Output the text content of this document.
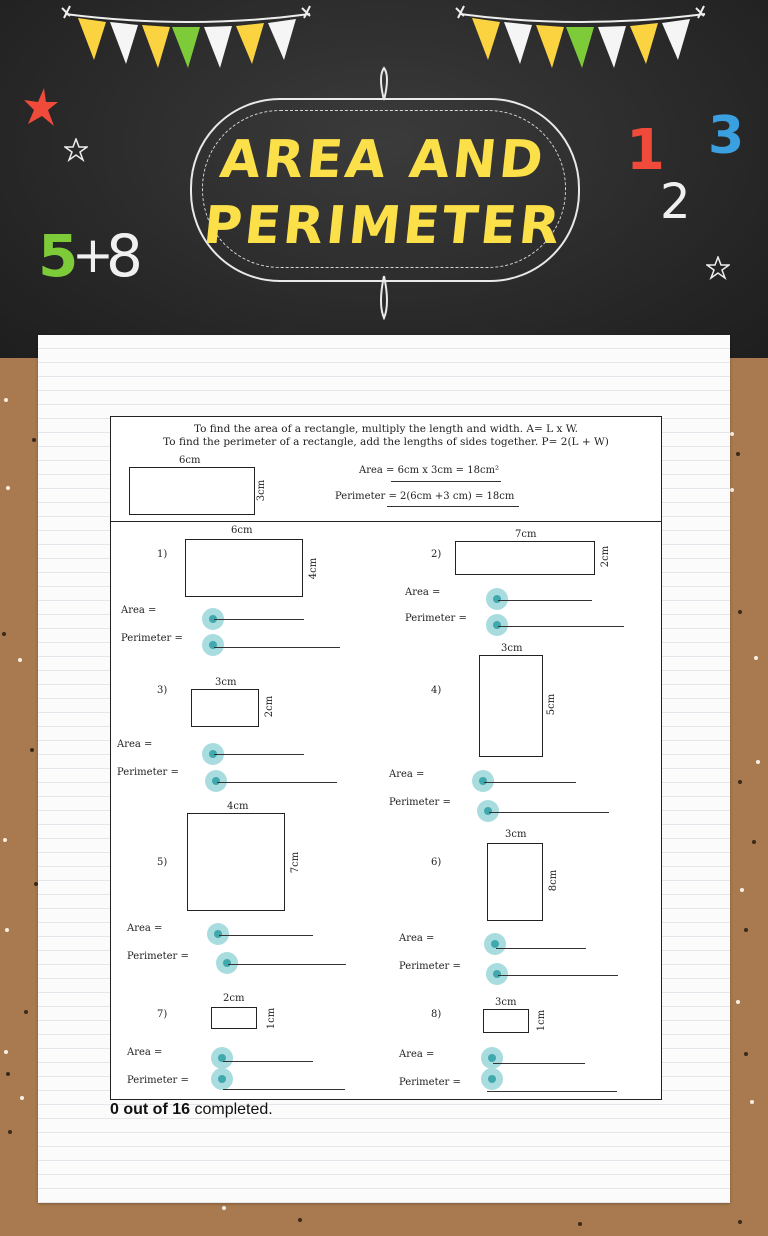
5
+
8
1 3
2
AREA AND
PERIMETER
To find the area of a rectangle, multiply the length and width. A= L x W.
To find the perimeter of a rectangle, add the lengths of sides together. P= 2(L + W)
6cm
3cm
Area = 6cm x 3cm = 18cm²
Perimeter = 2(6cm +3 cm) = 18cm
1)
6cm
4cm
Area =
Perimeter =
2)
7cm
2cm
Area =
Perimeter =
3)
3cm
2cm
Area =
Perimeter =
4)
3cm
5cm
Area =
Perimeter =
5)
4cm
7cm
Area =
Perimeter =
6)
3cm
8cm
Area =
Perimeter =
7)
2cm
1cm
Area =
Perimeter =
8)
3cm
1cm
Area =
Perimeter =
0 out of 16 completed.
